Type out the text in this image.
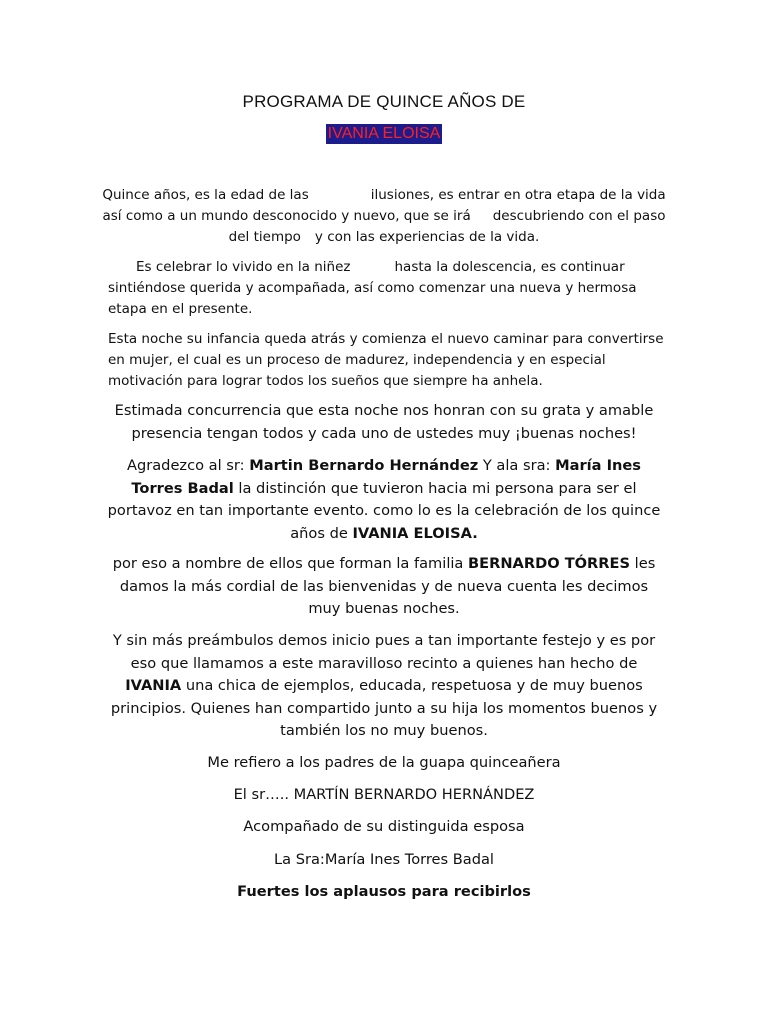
PROGRAMA DE QUINCE AÑOS DE
IVANIA ELOISA
Quince años, es la edad de las	ilusiones, es entrar en otra etapa de la vida
así como a un mundo desconocido y nuevo, que se irá descubriendo con el paso
del tiempo y con las experiencias de la vida.
Es celebrar lo vivido en la niñez	hasta la dolescencia, es continuar
sintiéndose querida y acompañada, así como comenzar una nueva y hermosa etapa en el presente.
Esta noche su infancia queda atrás y comienza el nuevo caminar para convertirse en mujer, el cual es un proceso de madurez, independencia y en especial motivación para lograr todos los sueños que siempre ha anhela.
Estimada concurrencia que esta noche nos honran con su grata y amable presencia tengan todos y cada uno de ustedes muy ¡buenas noches!
Agradezco al sr: Martin Bernardo Hernández Y ala sra: María Ines Torres Badal la distinción que tuvieron hacia mi persona para ser el portavoz en tan importante evento. como lo es la celebración de los quince años de IVANIA ELOISA.
por eso a nombre de ellos que forman la familia BERNARDO TÓRRES les damos la más cordial de las bienvenidas y de nueva cuenta les decimos muy buenas noches.
Y sin más preámbulos demos inicio pues a tan importante festejo y es por eso que llamamos a este maravilloso recinto a quienes han hecho de IVANIA una chica de ejemplos, educada, respetuosa y de muy buenos principios. Quienes han compartido junto a su hija los momentos buenos y también los no muy buenos.
Me refiero a los padres de la guapa quinceañera
El sr….. MARTÍN BERNARDO HERNÁNDEZ
Acompañado de su distinguida esposa
La Sra:María Ines Torres Badal
Fuertes los aplausos para recibirlos
